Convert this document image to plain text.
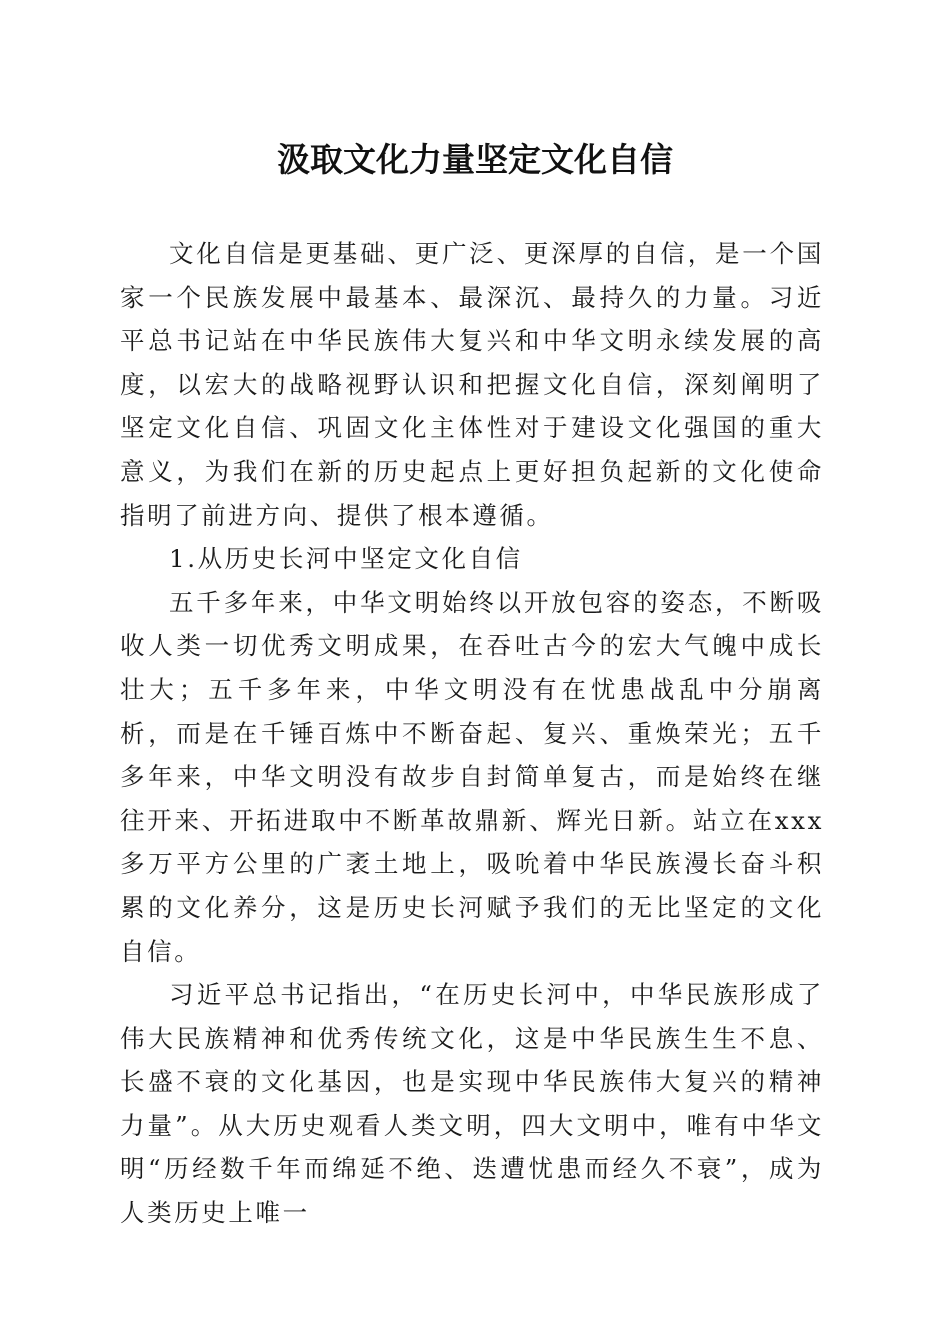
汲取文化力量坚定文化自信

文化自信是更基础、更广泛、更深厚的自信，是一个国家一个民族发展中最基本、最深沉、最持久的力量。习近平总书记站在中华民族伟大复兴和中华文明永续发展的高度，以宏大的战略视野认识和把握文化自信，深刻阐明了坚定文化自信、巩固文化主体性对于建设文化强国的重大意义，为我们在新的历史起点上更好担负起新的文化使命指明了前进方向、提供了根本遵循。

1.从历史长河中坚定文化自信

五千多年来，中华文明始终以开放包容的姿态，不断吸收人类一切优秀文明成果，在吞吐古今的宏大气魄中成长壮大；五千多年来，中华文明没有在忧患战乱中分崩离析，而是在千锤百炼中不断奋起、复兴、重焕荣光；五千多年来，中华文明没有故步自封简单复古，而是始终在继往开来、开拓进取中不断革故鼎新、辉光日新。站立在xxx多万平方公里的广袤土地上，吸吮着中华民族漫长奋斗积累的文化养分，这是历史长河赋予我们的无比坚定的文化自信。

习近平总书记指出，“在历史长河中，中华民族形成了伟大民族精神和优秀传统文化，这是中华民族生生不息、长盛不衰的文化基因，也是实现中华民族伟大复兴的精神力量”。从大历史观看人类文明，四大文明中，唯有中华文明“历经数千年而绵延不绝、迭遭忧患而经久不衰”，成为人类历史上唯一
